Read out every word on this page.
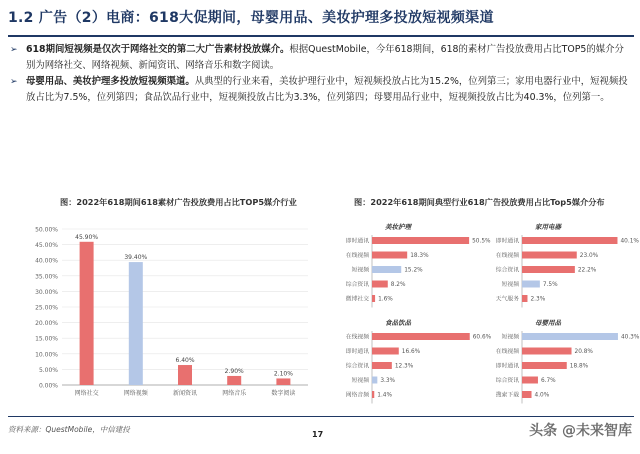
1.2 广告（2）电商：618大促期间，母婴用品、美妆护理多投放短视频渠道
➢ 618期间短视频是仅次于网络社交的第二大广告素材投放媒介。根据QuestMobile，今年618期间，618的素材广告投放费用占比TOP5的媒介分别为网络社交、网络视频、新闻资讯、网络音乐和数字阅读。
➢ 母婴用品、美妆护理多投放短视频渠道。从典型的行业来看，美妆护理行业中，短视频投放占比为15.2%，位列第三；家用电器行业中，短视频投放占比为7.5%，位列第四；食品饮品行业中，短视频投放占比为3.3%，位列第四；母婴用品行业中，短视频投放占比为40.3%，位列第一。
图：2022年618期间618素材广告投放费用占比TOP5媒介行业	图：2022年618期间典型行业618广告投放费用占比Top5媒介分布
0.00%
5.00%
10.00%
15.00%
20.00%
25.00%
30.00%
35.00%
40.00%
45.00%
50.00%
45.90%
网络社交
39.40%
网络视频
6.40%
新闻资讯
2.90%
网络音乐
2.10%
数字阅读
美妆护理
即时通讯	50.5%
在线视频	18.3%
短视频	15.2%
综合资讯	8.2%
微博社交 1.6%
家用电器
即时通讯	40.1%
在线视频	23.0%
综合资讯	22.2%
短视频	7.5%
天气服务 2.3%
食品饮品
在线视频	60.6%
即时通讯	16.6%
综合资讯	12.3%
短视频 3.3%
网络音频 1.4%
母婴用品
短视频	40.3%
在线视频	20.8%
即时通讯	18.8%
综合资讯	6.7%
搜索下载	4.0%
资料来源：QuestMobile，中信建投
17	头条 @未来智库
